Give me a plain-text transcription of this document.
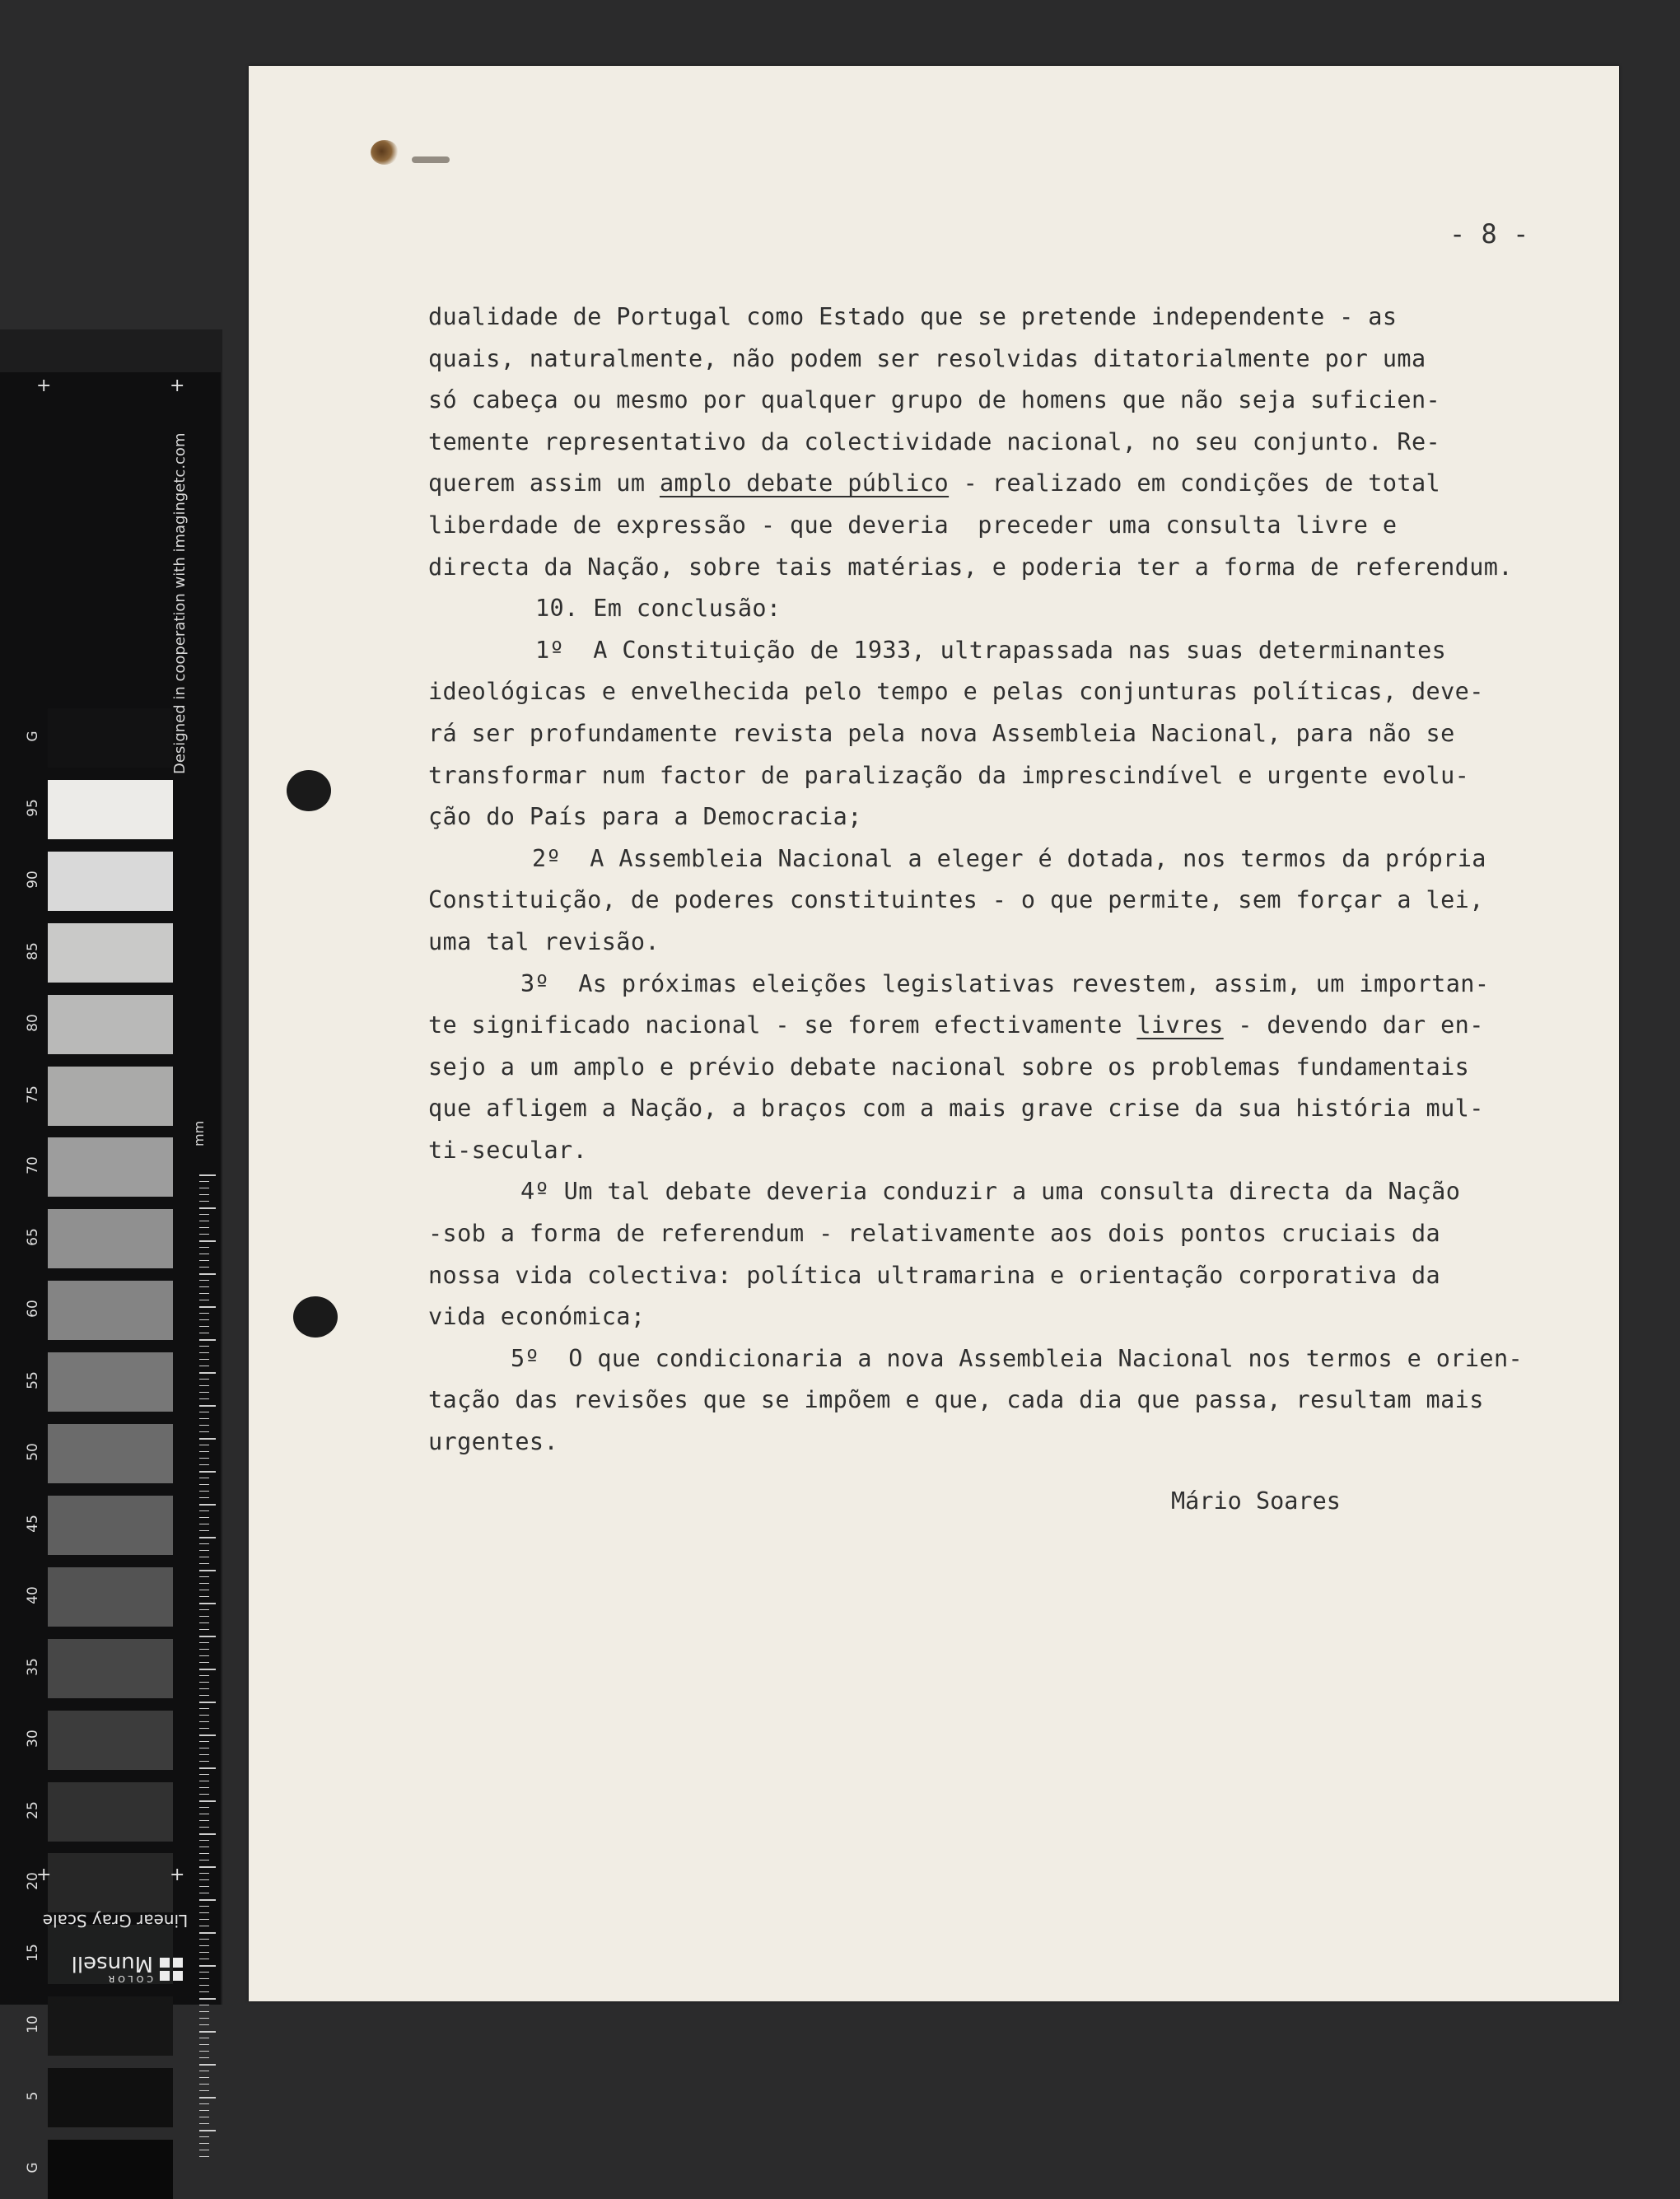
G
95
90
85
80
75
70
65
60
55
50
45
40
35
30
25
20
15
10
5
G
Designed in cooperation with imagingetc.com
mm
+	+
+	+
Linear Gray Scale
COLOR
Munsell
- 8 -
dualidade de Portugal como Estado que se pretende independente - as
quais, naturalmente, não podem ser resolvidas ditatorialmente por uma
só cabeça ou mesmo por qualquer grupo de homens que não seja suficien-
temente representativo da colectividade nacional, no seu conjunto. Re-
querem assim um amplo debate público - realizado em condições de total
liberdade de expressão - que deveria  preceder uma consulta livre e
directa da Nação, sobre tais matérias, e poderia ter a forma de referendum.
10. Em conclusão:
1º  A Constituição de 1933, ultrapassada nas suas determinantes
ideológicas e envelhecida pelo tempo e pelas conjunturas políticas, deve-
rá ser profundamente revista pela nova Assembleia Nacional, para não se
transformar num factor de paralização da imprescindível e urgente evolu-
ção do País para a Democracia;
2º  A Assembleia Nacional a eleger é dotada, nos termos da própria
Constituição, de poderes constituintes - o que permite, sem forçar a lei,
uma tal revisão.
3º  As próximas eleições legislativas revestem, assim, um importan-
te significado nacional - se forem efectivamente livres - devendo dar en-
sejo a um amplo e prévio debate nacional sobre os problemas fundamentais
que afligem a Nação, a braços com a mais grave crise da sua história mul-
ti-secular.
4º Um tal debate deveria conduzir a uma consulta directa da Nação
-sob a forma de referendum - relativamente aos dois pontos cruciais da
nossa vida colectiva: política ultramarina e orientação corporativa da
vida económica;
5º  O que condicionaria a nova Assembleia Nacional nos termos e orien-
tação das revisões que se impõem e que, cada dia que passa, resultam mais
urgentes.
Mário Soares
